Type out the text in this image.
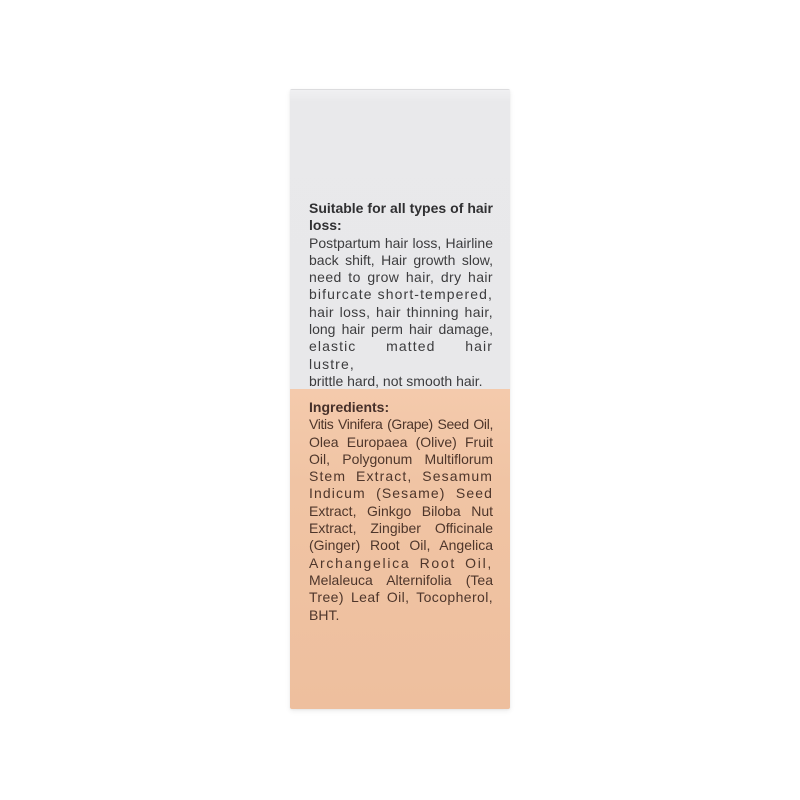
Suitable for all types of hair
loss:
Postpartum hair loss, Hairline
back shift, Hair growth slow,
need to grow hair, dry hair
bifurcate short-tempered,
hair loss, hair thinning hair,
long hair perm hair damage,
elastic matted hair lustre,
brittle hard, not smooth hair.
Ingredients:
Vitis Vinifera (Grape) Seed Oil,
Olea Europaea (Olive) Fruit
Oil, Polygonum Multiflorum
Stem Extract, Sesamum
Indicum (Sesame) Seed
Extract, Ginkgo Biloba Nut
Extract, Zingiber Officinale
(Ginger) Root Oil, Angelica
Archangelica Root Oil,
Melaleuca Alternifolia (Tea
Tree) Leaf Oil, Tocopherol,
BHT.
